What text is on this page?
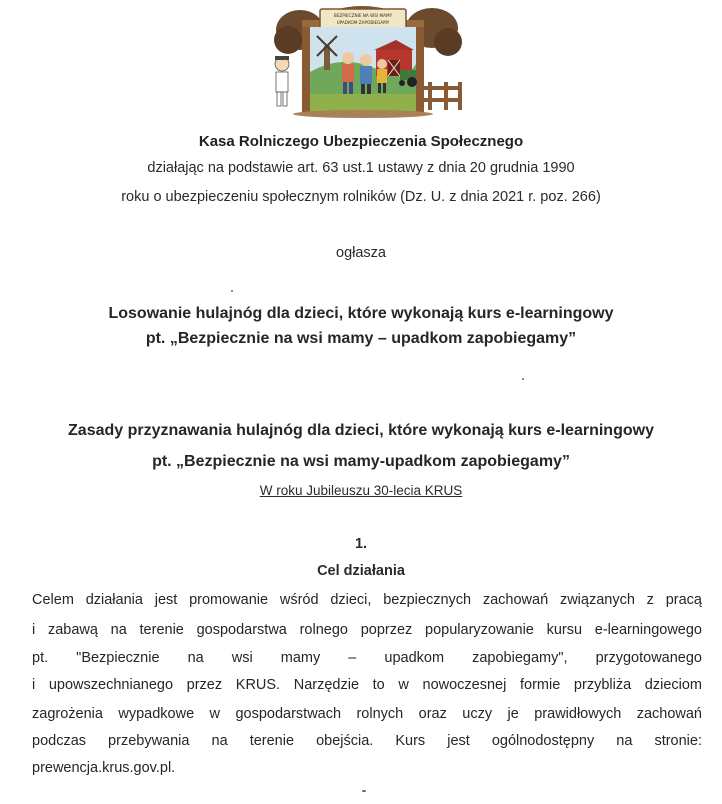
BEZPIECZNIE NA WSI MAMY
UPADKOM ZAPOBIEGAMY
Kasa Rolniczego Ubezpieczenia Społecznego
działając na podstawie art. 63 ust.1 ustawy z dnia 20 grudnia 1990
roku o ubezpieczeniu społecznym rolników (Dz. U. z dnia 2021 r. poz. 266)
ogłasza
Losowanie hulajnóg dla dzieci, które wykonają kurs e-learningowy
pt. „Bezpiecznie na wsi mamy – upadkom zapobiegamy”
Zasady przyznawania hulajnóg dla dzieci, które wykonają kurs e-learningowy
pt. „Bezpiecznie na wsi mamy-upadkom zapobiegamy”
W roku Jubileuszu 30-lecia KRUS
1.
Cel działania
Celem działania jest promowanie wśród dzieci, bezpiecznych zachowań związanych z pracą
i zabawą na terenie gospodarstwa rolnego poprzez popularyzowanie kursu e-learningowego
pt.  "Bezpiecznie  na  wsi  mamy  –  upadkom  zapobiegamy",  przygotowanego
i upowszechnianego przez KRUS. Narzędzie to w nowoczesnej formie przybliża dzieciom
zagrożenia wypadkowe w gospodarstwach rolnych oraz uczy je prawidłowych zachowań
podczas przebywania na terenie obejścia. Kurs jest ogólnodostępny na stronie:
prewencja.krus.gov.pl.
